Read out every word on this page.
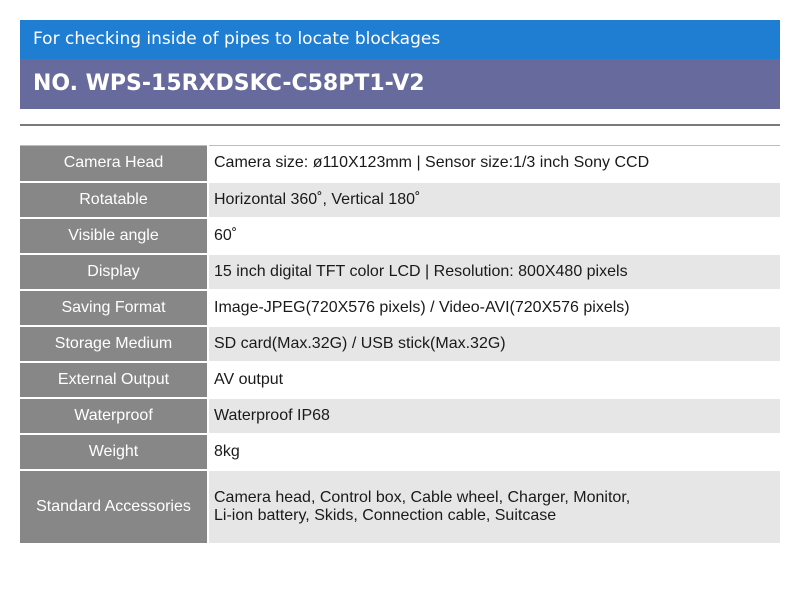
For checking inside of pipes to locate blockages
NO. WPS-15RXDSKC-C58PT1-V2
Camera Head	Camera size: ø110X123mm | Sensor size:1/3 inch Sony CCD
Rotatable	Horizontal 360˚, Vertical 180˚
Visible angle	60˚
Display	15 inch digital TFT color LCD | Resolution: 800X480 pixels
Saving Format	Image-JPEG(720X576 pixels) / Video-AVI(720X576 pixels)
Storage Medium	SD card(Max.32G) / USB stick(Max.32G)
External Output	AV output
Waterproof	Waterproof IP68
Weight	8kg
Standard Accessories	Camera head, Control box, Cable wheel, Charger, Monitor,
Li-ion battery, Skids, Connection cable, Suitcase
